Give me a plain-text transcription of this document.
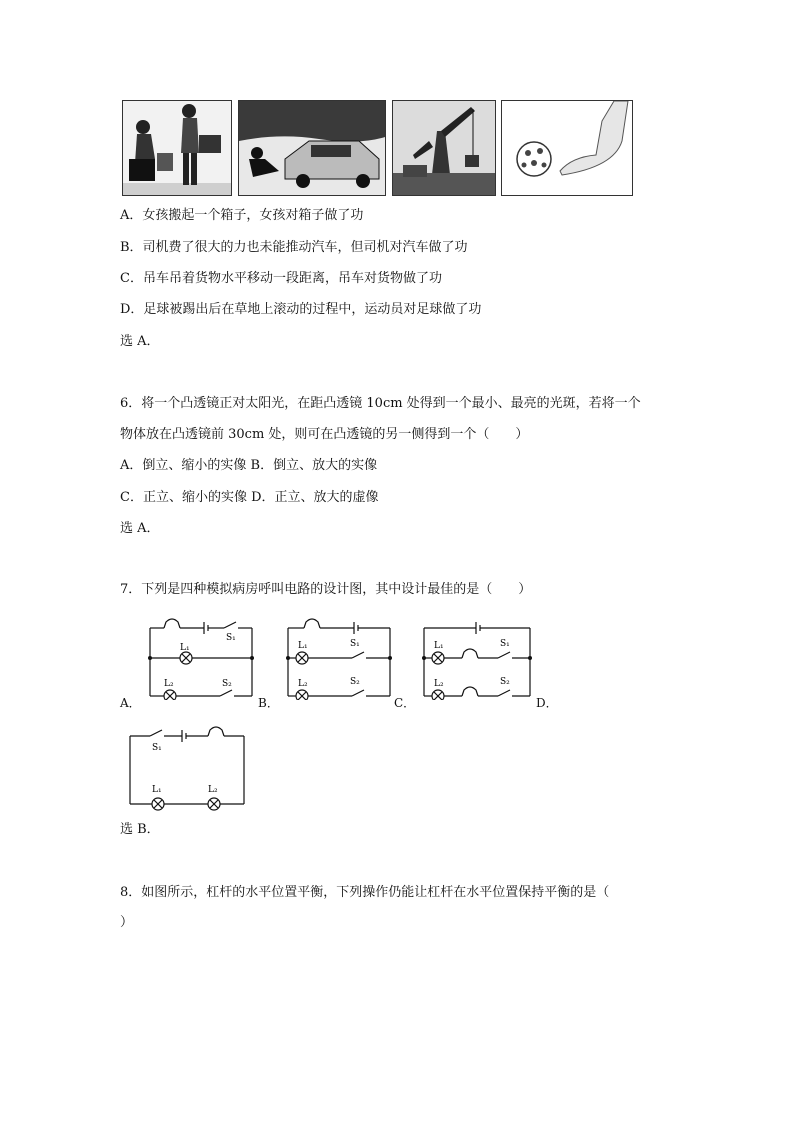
A．女孩搬起一个箱子，女孩对箱子做了功
B．司机费了很大的力也未能推动汽车，但司机对汽车做了功
C．吊车吊着货物水平移动一段距离，吊车对货物做了功
D．足球被踢出后在草地上滚动的过程中，运动员对足球做了功
选 A．
6．将一个凸透镜正对太阳光，在距凸透镜 10cm 处得到一个最小、最亮的光斑，若将一个
物体放在凸透镜前 30cm 处，则可在凸透镜的另一侧得到一个（　　）
A．倒立、缩小的实像 B．倒立、放大的实像
C．正立、缩小的实像 D．正立、放大的虚像
选 A．
7．下列是四种模拟病房呼叫电路的设计图，其中设计最佳的是（　　）
S₁
L₁
L₂	S₂
A．
L₁	S₁
L₂	S₂
B．
L₁	S₁
L₂	S₂
C．	D．
S₁
L₁	L₂
选 B．
8．如图所示，杠杆的水平位置平衡，下列操作仍能让杠杆在水平位置保持平衡的是（
）
